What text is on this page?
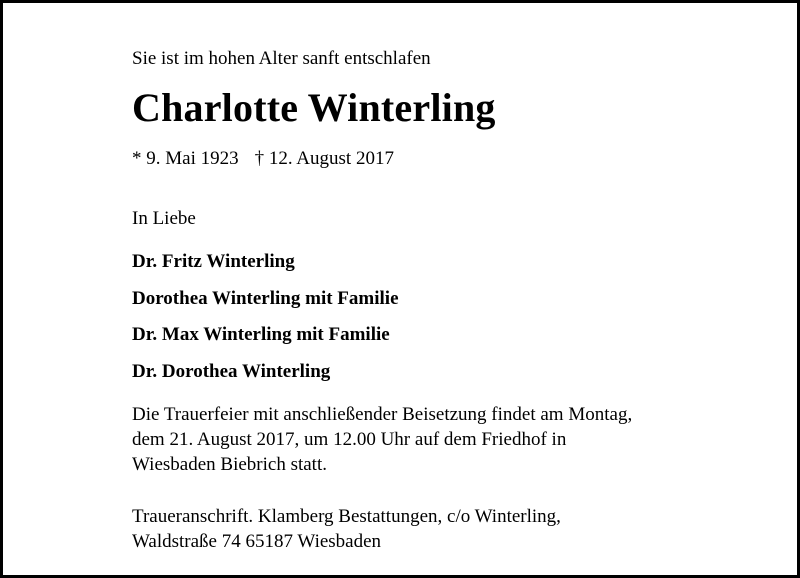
Sie ist im hohen Alter sanft entschlafen
Charlotte Winterling
* 9. Mai 1923 † 12. August 2017
In Liebe
Dr. Fritz Winterling
Dorothea Winterling mit Familie
Dr. Max Winterling mit Familie
Dr. Dorothea Winterling
Die Trauerfeier mit anschließender Beisetzung findet am Montag,
dem 21. August 2017, um 12.00 Uhr auf dem Friedhof in
Wiesbaden Biebrich statt.
Traueranschrift. Klamberg Bestattungen, c/o Winterling,
Waldstraße 74 65187 Wiesbaden
